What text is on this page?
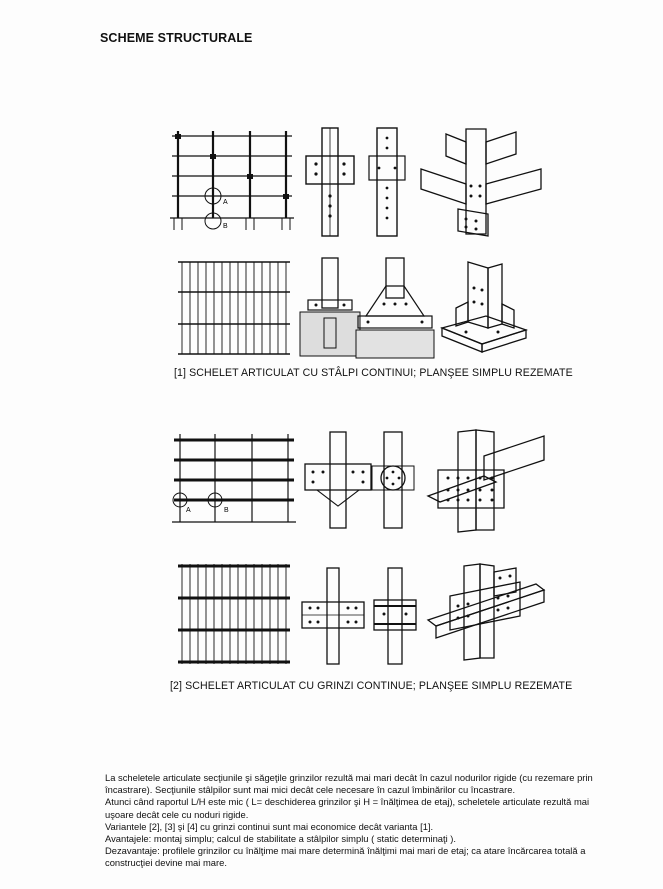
SCHEME STRUCTURALE
A
B
[1] SCHELET ARTICULAT CU STÂLPI CONTINUI; PLANŞEE SIMPLU REZEMATE
A	B
[2] SCHELET ARTICULAT CU GRINZI CONTINUE; PLANŞEE SIMPLU REZEMATE

La scheletele articulate secţiunile şi săgeţile grinzilor rezultă mai mari decât în cazul nodurilor rigide (cu rezemare prin încastrare). Secţiunile stâlpilor sunt mai mici decât cele necesare în cazul îmbinărilor cu încastrare.

Atunci când raportul L/H este mic ( L= deschiderea grinzilor şi H = înălţimea de etaj), scheletele articulate rezultă mai uşoare decât cele cu noduri rigide.

Variantele [2], [3] şi [4] cu grinzi continui sunt mai economice decât varianta [1].

Avantajele: montaj simplu; calcul de stabilitate a stâlpilor simplu ( static determinaţi ).

Dezavantaje: profilele grinzilor cu înălţime mai mare determină înălţimi mai mari de etaj; ca atare încărcarea totală a construcţiei devine mai mare.
